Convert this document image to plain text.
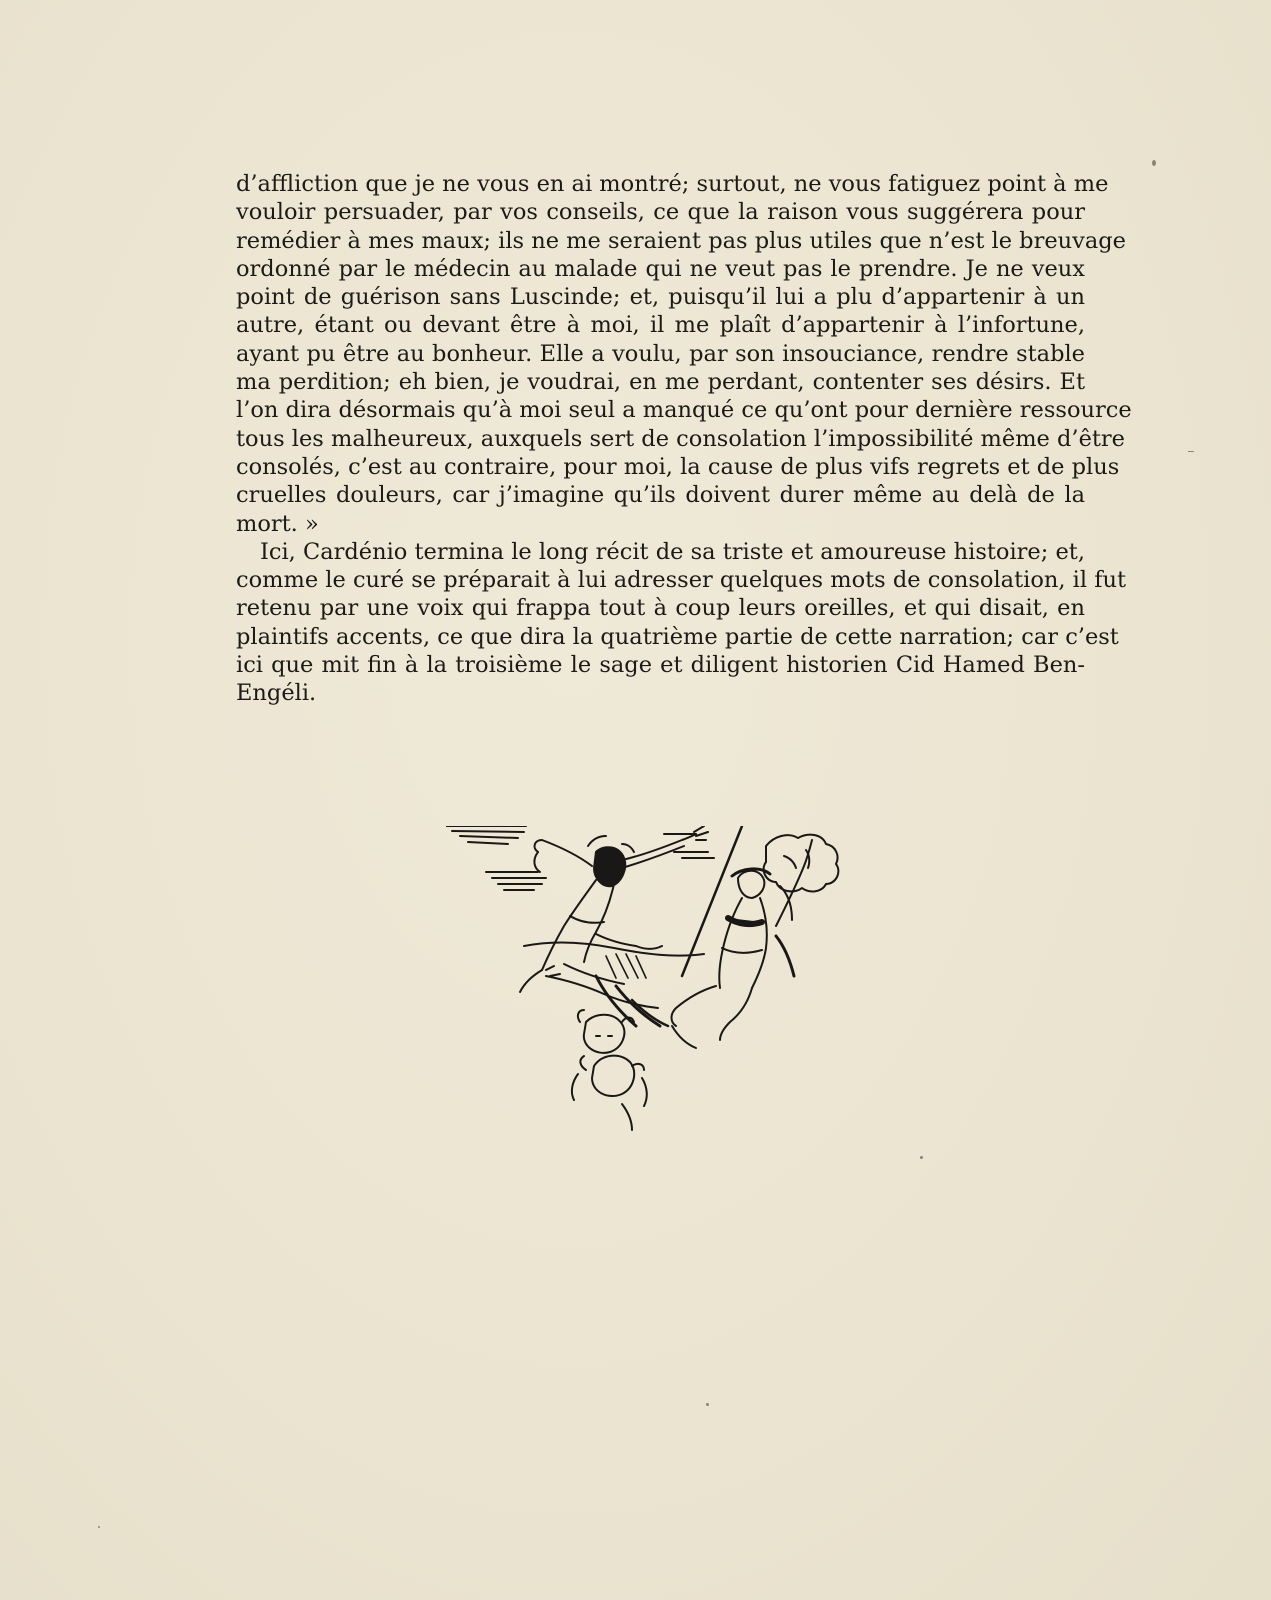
d’affliction que je ne vous en ai montré; surtout, ne vous fatiguez point à me
vouloir persuader, par vos conseils, ce que la raison vous suggérera pour
remédier à mes maux; ils ne me seraient pas plus utiles que n’est le breuvage
ordonné par le médecin au malade qui ne veut pas le prendre. Je ne veux
point de guérison sans Luscinde; et, puisqu’il lui a plu d’appartenir à un
autre, étant ou devant être à moi, il me plaît d’appartenir à l’infortune,
ayant pu être au bonheur. Elle a voulu, par son insouciance, rendre stable
ma perdition; eh bien, je voudrai, en me perdant, contenter ses désirs. Et
l’on dira désormais qu’à moi seul a manqué ce qu’ont pour dernière ressource
tous les malheureux, auxquels sert de consolation l’impossibilité même d’être
consolés, c’est au contraire, pour moi, la cause de plus vifs regrets et de plus
cruelles douleurs, car j’imagine qu’ils doivent durer même au delà de la
mort. »
Ici, Cardénio termina le long récit de sa triste et amoureuse histoire; et,
comme le curé se préparait à lui adresser quelques mots de consolation, il fut
retenu par une voix qui frappa tout à coup leurs oreilles, et qui disait, en
plaintifs accents, ce que dira la quatrième partie de cette narration; car c’est
ici que mit fin à la troisième le sage et diligent historien Cid Hamed Ben-
Engéli.
